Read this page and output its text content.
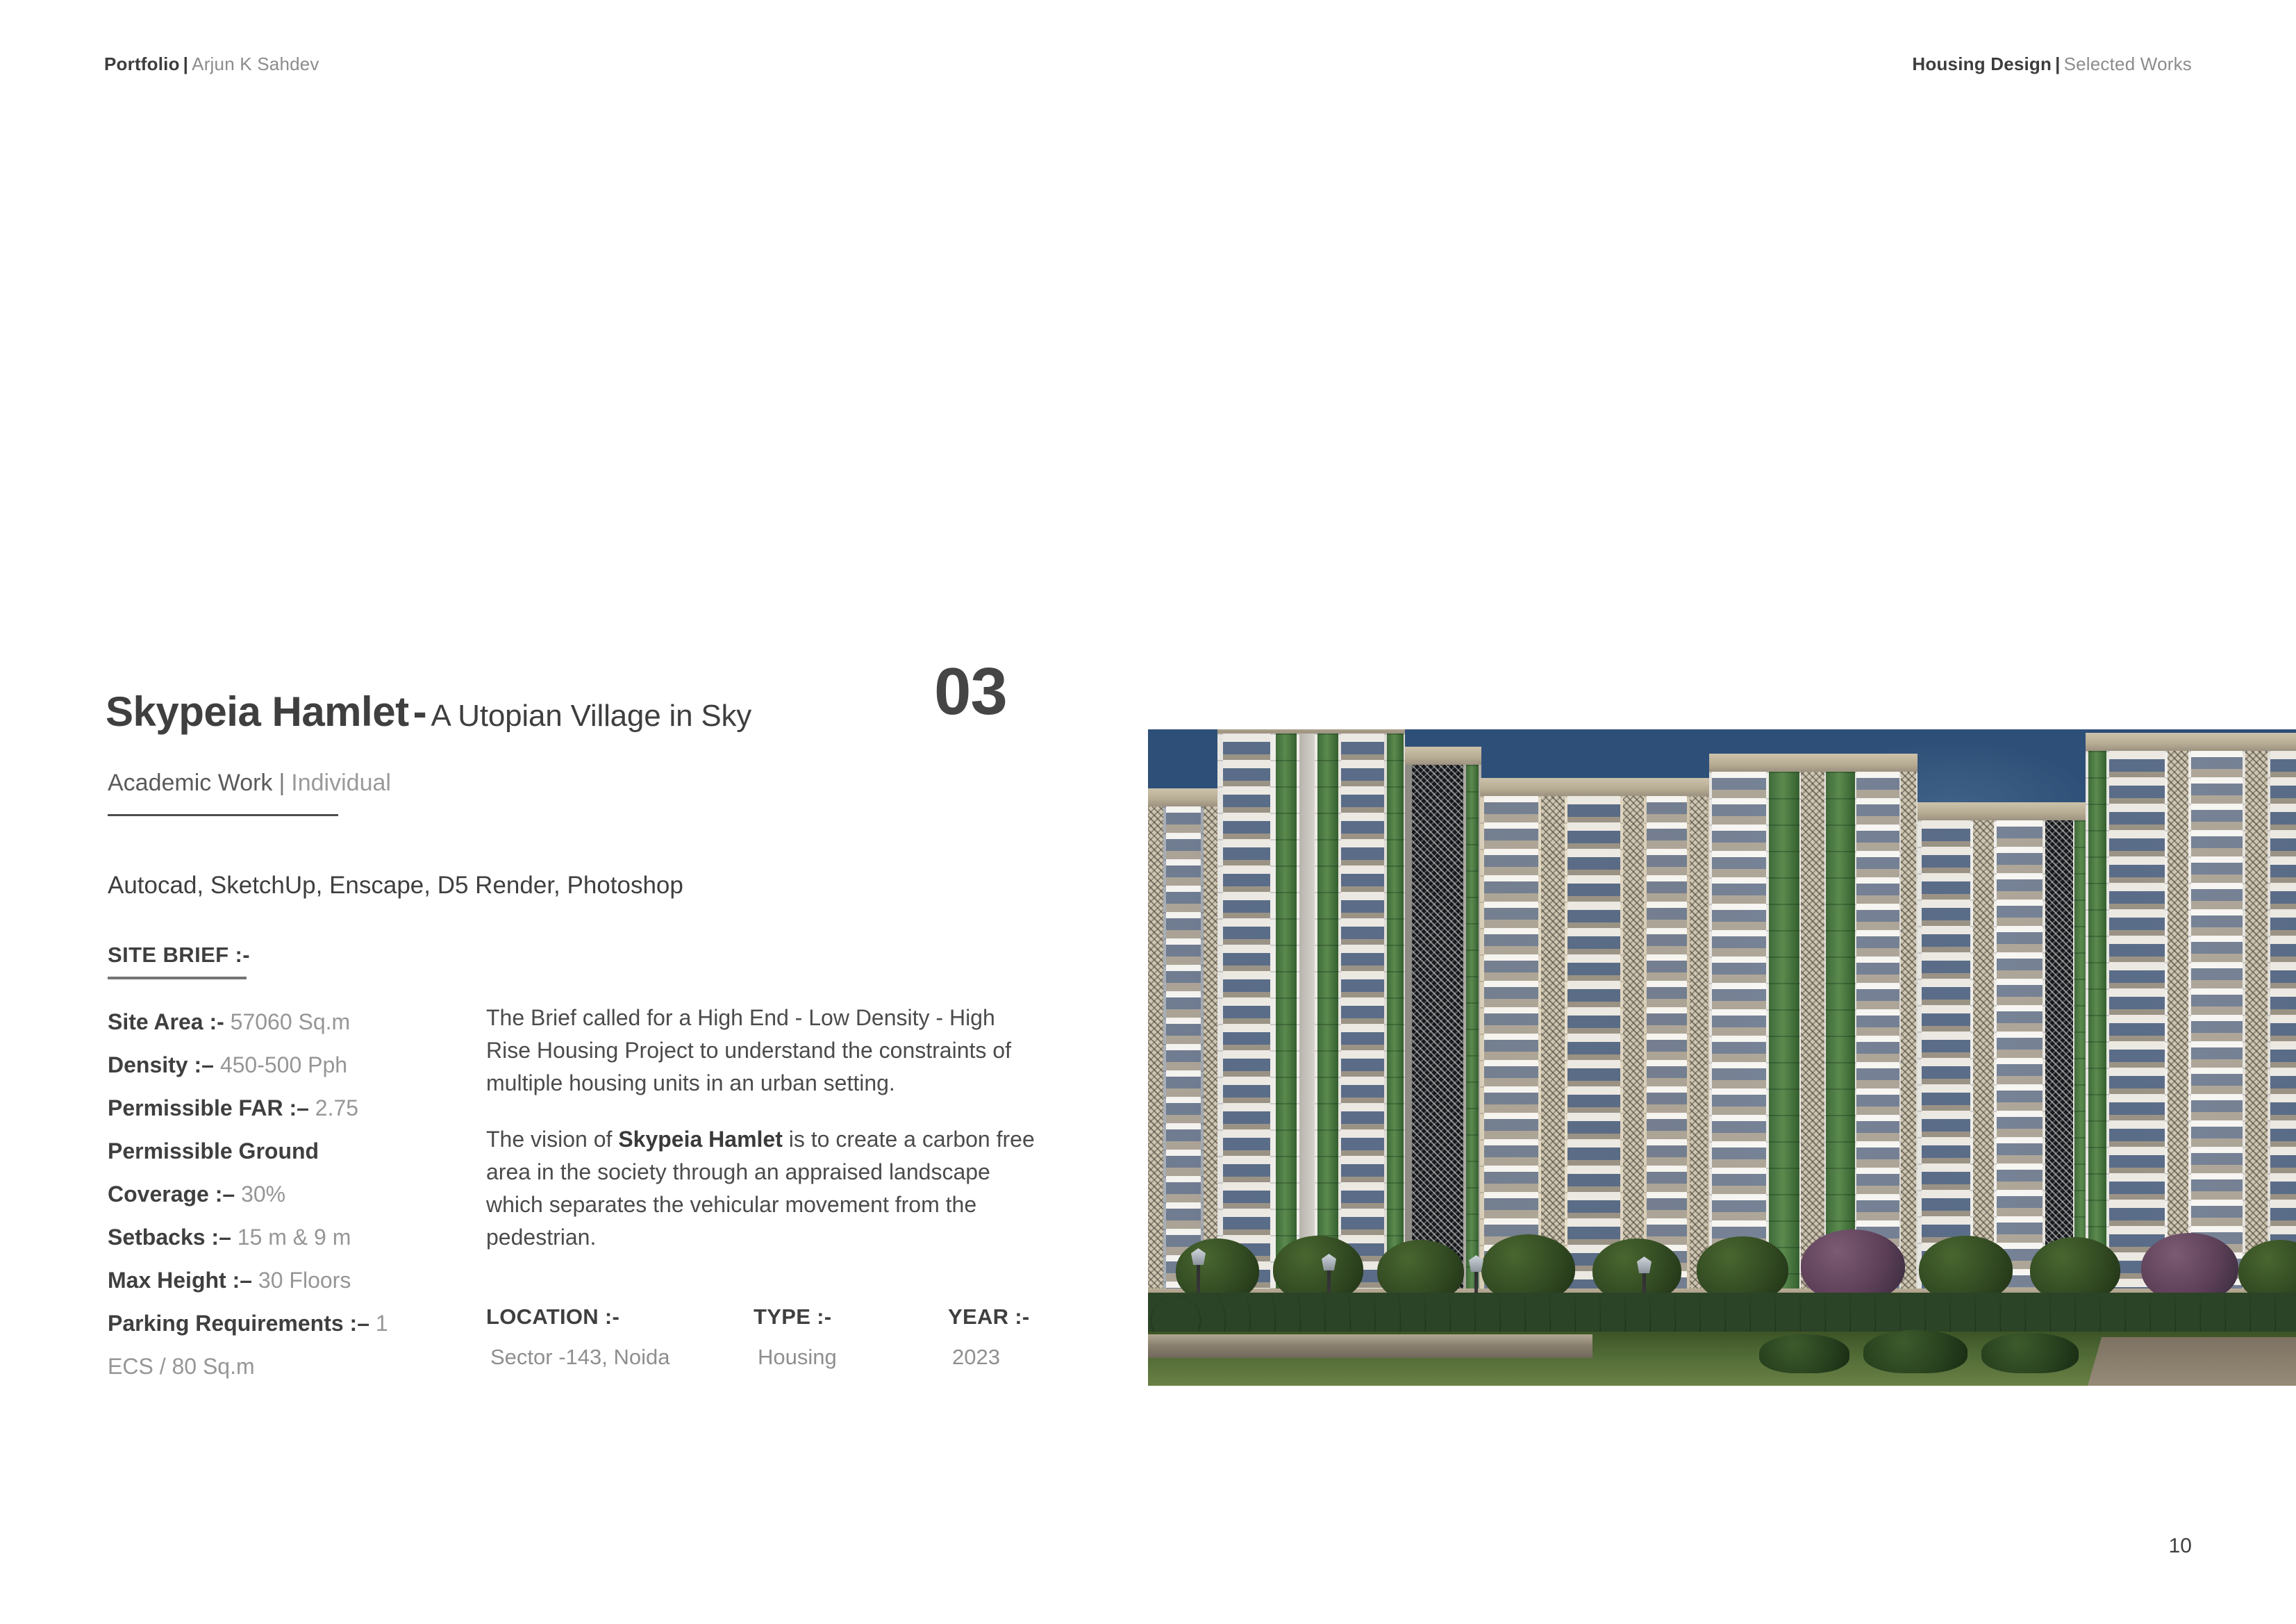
Portfolio | Arjun K Sahdev	Housing Design | Selected Works
Skypeia Hamlet - A Utopian Village in Sky	03
Academic Work | Individual
Autocad, SketchUp, Enscape, D5 Render, Photoshop
SITE BRIEF :-
Site Area :- 57060 Sq.m
Density :– 450-500 Pph
Permissible FAR :– 2.75
Permissible Ground
Coverage :– 30%
Setbacks :– 15 m & 9 m
Max Height :– 30 Floors
Parking Requirements :– 1
ECS / 80 Sq.m

The Brief called for a High End - Low Density - High Rise Housing Project to understand the constraints of multiple housing units in an urban setting.

The vision of Skypeia Hamlet is to create a carbon free area in the society through an appraised landscape which separates the vehicular movement from the pedestrian.

LOCATION :-
Sector -143, Noida
TYPE :-
Housing
YEAR :-
2023
10
